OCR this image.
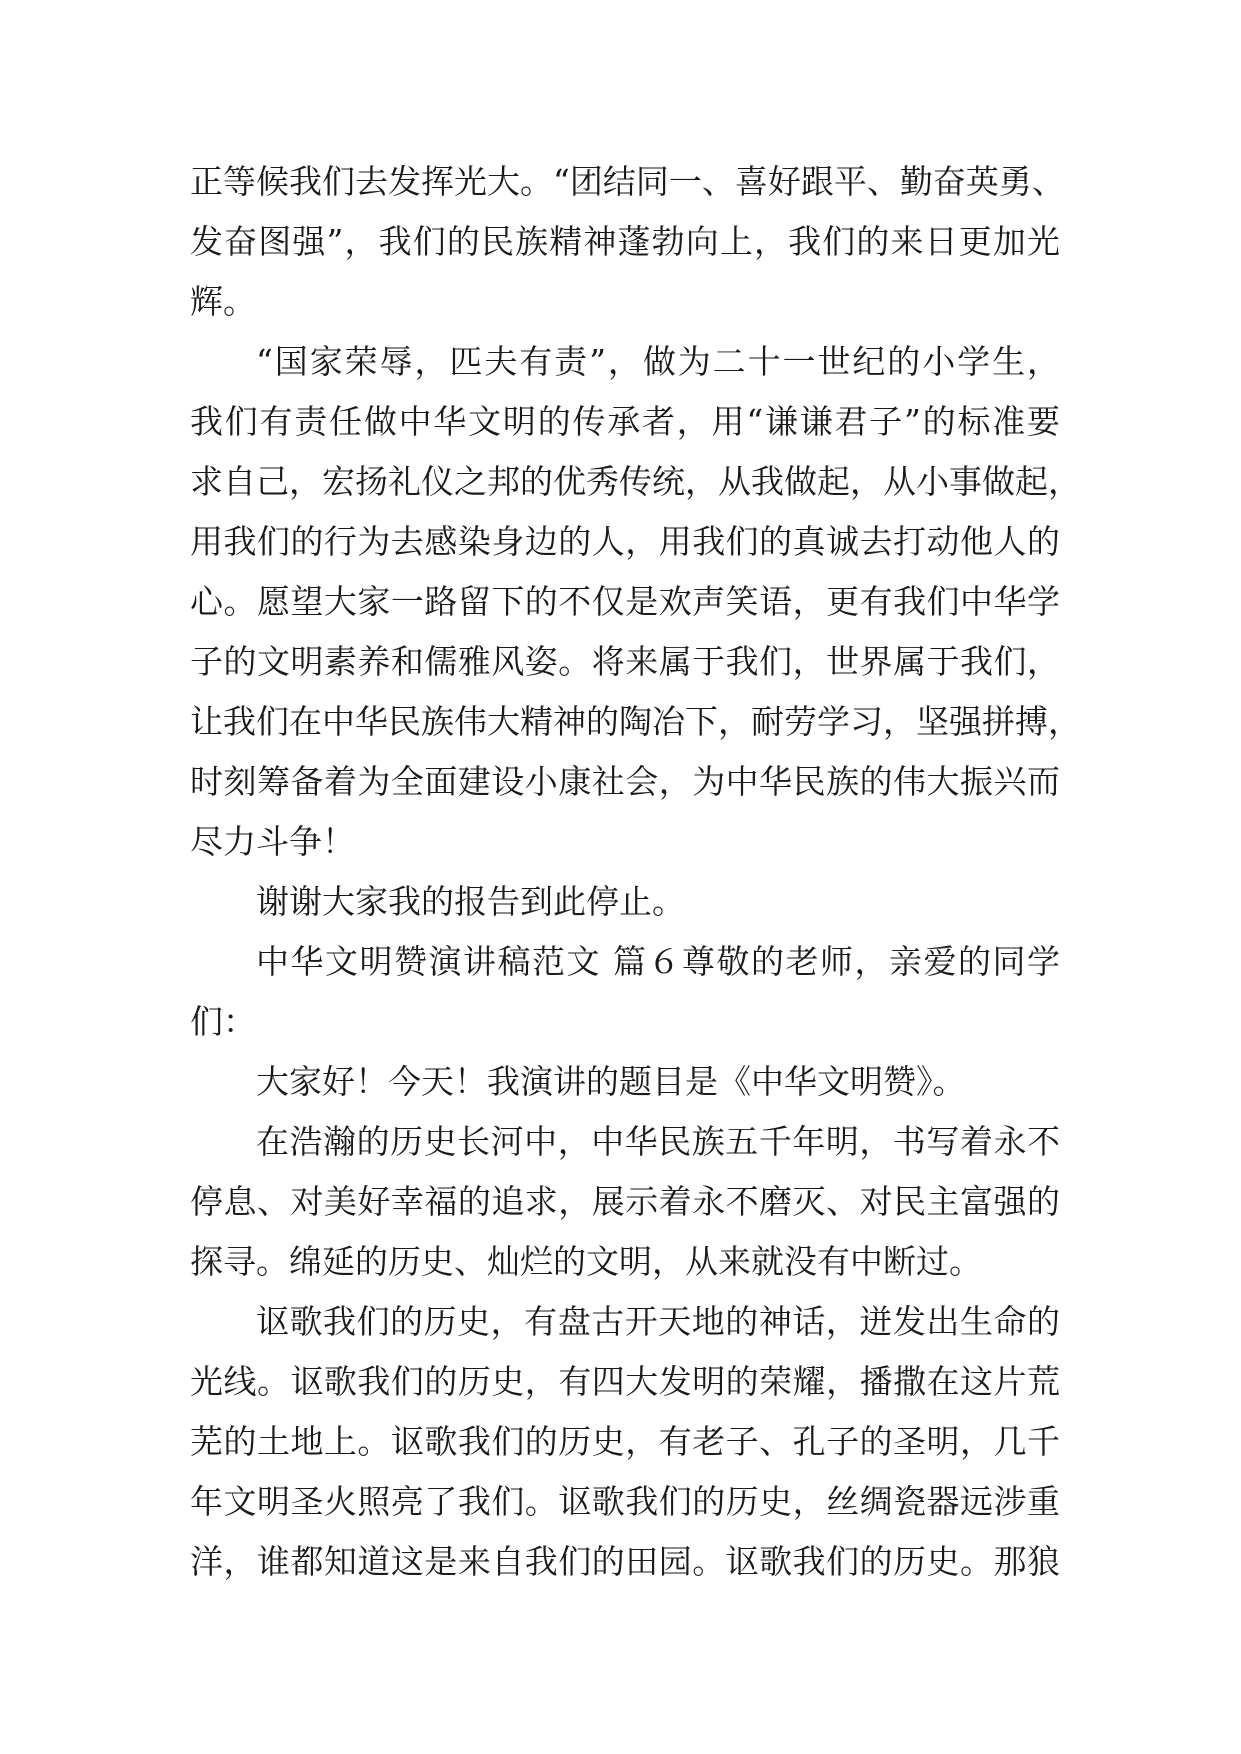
正等候我们去发挥光大。“团结同一、喜好跟平、勤奋英勇、
发奋图强”，我们的民族精神蓬勃向上，我们的来日更加光
辉。
“国家荣辱，匹夫有责”，做为二十一世纪的小学生，
我们有责任做中华文明的传承者，用“谦谦君子”的标准要
求自己，宏扬礼仪之邦的优秀传统，从我做起，从小事做起，
用我们的行为去感染身边的人，用我们的真诚去打动他人的
心。愿望大家一路留下的不仅是欢声笑语，更有我们中华学
子的文明素养和儒雅风姿。将来属于我们，世界属于我们，
让我们在中华民族伟大精神的陶冶下，耐劳学习，坚强拼搏，
时刻筹备着为全面建设小康社会，为中华民族的伟大振兴而
尽力斗争！
谢谢大家我的报告到此停止。
中华文明赞演讲稿范文 篇６尊敬的老师，亲爱的同学
们：
大家好！今天！我演讲的题目是《中华文明赞》。
在浩瀚的历史长河中，中华民族五千年明，书写着永不
停息、对美好幸福的追求，展示着永不磨灭、对民主富强的
探寻。绵延的历史、灿烂的文明，从来就没有中断过。
讴歌我们的历史，有盘古开天地的神话，迸发出生命的
光线。讴歌我们的历史，有四大发明的荣耀，播撒在这片荒
芜的土地上。讴歌我们的历史，有老子、孔子的圣明，几千
年文明圣火照亮了我们。讴歌我们的历史，丝绸瓷器远涉重
洋，谁都知道这是来自我们的田园。讴歌我们的历史。那狼
